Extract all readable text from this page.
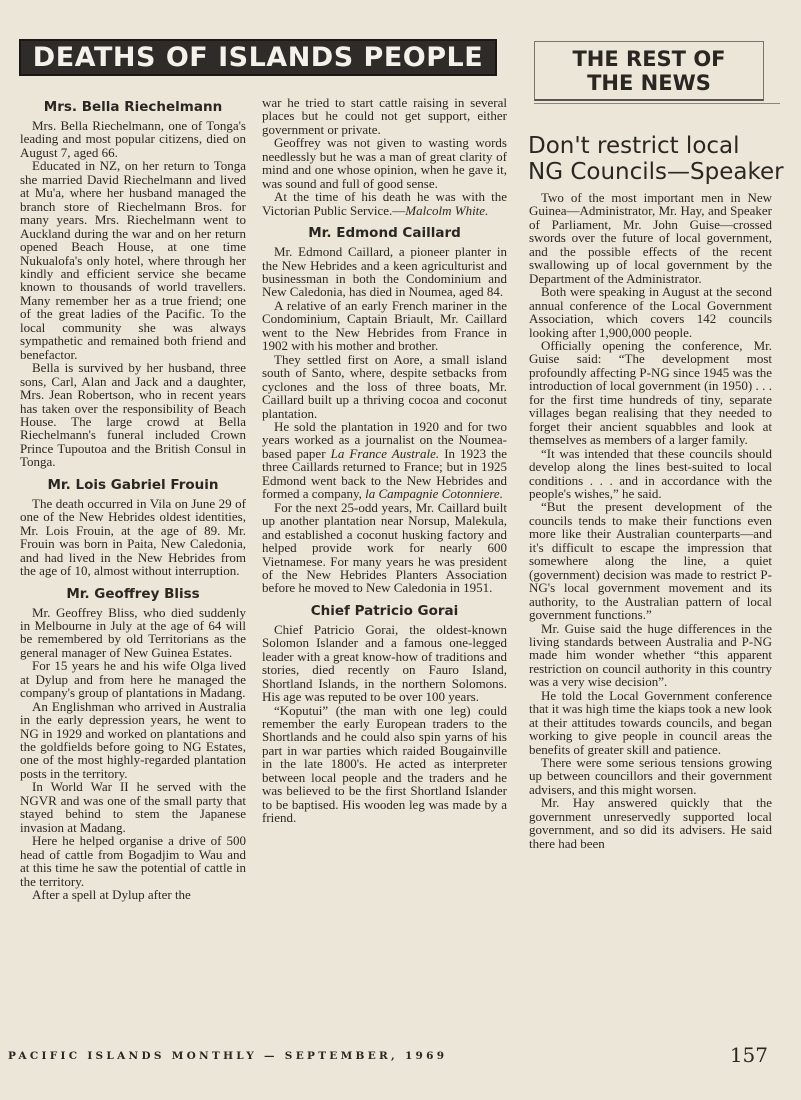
DEATHS OF ISLANDS PEOPLE	THE REST OF
THE NEWS
Mrs. Bella Riechelmann

Mrs. Bella Riechelmann, one of Tonga's leading and most popular citizens, died on August 7, aged 66.

Educated in NZ, on her return to Tonga she married David Riechelmann and lived at Mu'a, where her husband managed the branch store of Riechelmann Bros. for many years. Mrs. Riechelmann went to Auckland during the war and on her return opened Beach House, at one time Nukualofa's only hotel, where through her kindly and efficient service she became known to thousands of world travellers. Many remember her as a true friend; one of the great ladies of the Pacific. To the local community she was always sympathetic and remained both friend and benefactor.

Bella is survived by her husband, three sons, Carl, Alan and Jack and a daughter, Mrs. Jean Robertson, who in recent years has taken over the responsibility of Beach House. The large crowd at Bella Riechelmann's funeral included Crown Prince Tupoutoa and the British Consul in Tonga.

Mr. Lois Gabriel Frouin

The death occurred in Vila on June 29 of one of the New Hebrides oldest identities, Mr. Lois Frouin, at the age of 89. Mr. Frouin was born in Paita, New Caledonia, and had lived in the New Hebrides from the age of 10, almost without interruption.

Mr. Geoffrey Bliss

Mr. Geoffrey Bliss, who died suddenly in Melbourne in July at the age of 64 will be remembered by old Territorians as the general manager of New Guinea Estates.

For 15 years he and his wife Olga lived at Dylup and from here he managed the company's group of plantations in Madang.

An Englishman who arrived in Australia in the early depression years, he went to NG in 1929 and worked on plantations and the goldfields before going to NG Estates, one of the most highly-regarded plantation posts in the territory.

In World War II he served with the NGVR and was one of the small party that stayed behind to stem the Japanese invasion at Madang.

Here he helped organise a drive of 500 head of cattle from Bogadjim to Wau and at this time he saw the potential of cattle in the territory.

After a spell at Dylup after the

war he tried to start cattle raising in several places but he could not get support, either government or private.

Geoffrey was not given to wasting words needlessly but he was a man of great clarity of mind and one whose opinion, when he gave it, was sound and full of good sense.

At the time of his death he was with the Victorian Public Service.—Malcolm White.

Mr. Edmond Caillard

Mr. Edmond Caillard, a pioneer planter in the New Hebrides and a keen agriculturist and businessman in both the Condominium and New Caledonia, has died in Noumea, aged 84.

A relative of an early French mariner in the Condominium, Captain Briault, Mr. Caillard went to the New Hebrides from France in 1902 with his mother and brother.

They settled first on Aore, a small island south of Santo, where, despite setbacks from cyclones and the loss of three boats, Mr. Caillard built up a thriving cocoa and coconut plantation.

He sold the plantation in 1920 and for two years worked as a journalist on the Noumea-based paper La France Australe. In 1923 the three Caillards returned to France; but in 1925 Edmond went back to the New Hebrides and formed a company, la Campagnie Cotonniere.

For the next 25-odd years, Mr. Caillard built up another plantation near Norsup, Malekula, and established a coconut husking factory and helped provide work for nearly 600 Vietnamese. For many years he was president of the New Hebrides Planters Association before he moved to New Caledonia in 1951.

Chief Patricio Gorai

Chief Patricio Gorai, the oldest-known Solomon Islander and a famous one-legged leader with a great know-how of traditions and stories, died recently on Fauro Island, Shortland Islands, in the northern Solomons. His age was reputed to be over 100 years.

“Koputui” (the man with one leg) could remember the early European traders to the Shortlands and he could also spin yarns of his part in war parties which raided Bougainville in the late 1800's. He acted as interpreter between local people and the traders and he was believed to be the first Shortland Islander to be baptised. His wooden leg was made by a friend.

Don't restrict local
NG Councils—Speaker

Two of the most important men in New Guinea—Administrator, Mr. Hay, and Speaker of Parliament, Mr. John Guise—crossed swords over the future of local government, and the possible effects of the recent swallowing up of local government by the Department of the Administrator.

Both were speaking in August at the second annual conference of the Local Government Association, which covers 142 councils looking after 1,900,000 people.

Officially opening the conference, Mr. Guise said: “The development most profoundly affecting P-NG since 1945 was the introduction of local government (in 1950) . . . for the first time hundreds of tiny, separate villages began realising that they needed to forget their ancient squabbles and look at themselves as members of a larger family.

“It was intended that these councils should develop along the lines best-suited to local conditions . . . and in accordance with the people's wishes,” he said.

“But the present development of the councils tends to make their functions even more like their Australian counterparts—and it's difficult to escape the impression that somewhere along the line, a quiet (government) decision was made to restrict P-NG's local government movement and its authority, to the Australian pattern of local government functions.”

Mr. Guise said the huge differences in the living standards between Australia and P-NG made him wonder whether “this apparent restriction on council authority in this country was a very wise decision”.

He told the Local Government conference that it was high time the kiaps took a new look at their attitudes towards councils, and began working to give people in council areas the benefits of greater skill and patience.

There were some serious tensions growing up between councillors and their government advisers, and this might worsen.

Mr. Hay answered quickly that the government unreservedly supported local government, and so did its advisers. He said there had been

PACIFIC ISLANDS MONTHLY — SEPTEMBER, 1969	157
